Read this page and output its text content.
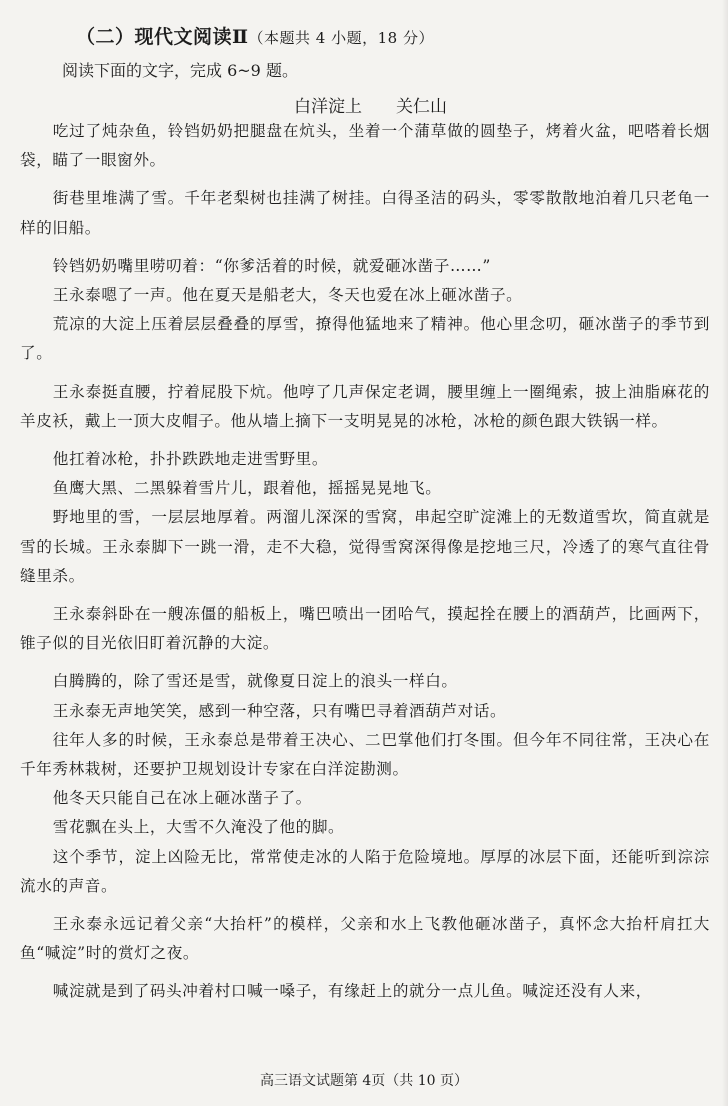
（二）现代文阅读Ⅱ（本题共 4 小题，18 分）
阅读下面的文字，完成 6~9 题。
白洋淀上 关仁山

吃过了炖杂鱼，铃铛奶奶把腿盘在炕头，坐着一个蒲草做的圆垫子，烤着火盆，吧嗒着长烟袋，瞄了一眼窗外。

街巷里堆满了雪。千年老梨树也挂满了树挂。白得圣洁的码头，零零散散地泊着几只老龟一样的旧船。

铃铛奶奶嘴里唠叨着：“你爹活着的时候，就爱砸冰凿子……”

王永泰嗯了一声。他在夏天是船老大，冬天也爱在冰上砸冰凿子。

荒凉的大淀上压着层层叠叠的厚雪，撩得他猛地来了精神。他心里念叨，砸冰凿子的季节到了。

王永泰挺直腰，拧着屁股下炕。他哼了几声保定老调，腰里缠上一圈绳索，披上油脂麻花的羊皮袄，戴上一顶大皮帽子。他从墙上摘下一支明晃晃的冰枪，冰枪的颜色跟大铁锅一样。

他扛着冰枪，扑扑跌跌地走进雪野里。

鱼鹰大黑、二黑躲着雪片儿，跟着他，摇摇晃晃地飞。

野地里的雪，一层层地厚着。两溜儿深深的雪窝，串起空旷淀滩上的无数道雪坎，简直就是雪的长城。王永泰脚下一跳一滑，走不大稳，觉得雪窝深得像是挖地三尺，冷透了的寒气直往骨缝里杀。

王永泰斜卧在一艘冻僵的船板上，嘴巴喷出一团哈气，摸起拴在腰上的酒葫芦，比画两下，锥子似的目光依旧盯着沉静的大淀。

白腾腾的，除了雪还是雪，就像夏日淀上的浪头一样白。

王永泰无声地笑笑，感到一种空落，只有嘴巴寻着酒葫芦对话。

往年人多的时候，王永泰总是带着王决心、二巴掌他们打冬围。但今年不同往常，王决心在千年秀林栽树，还要护卫规划设计专家在白洋淀勘测。

他冬天只能自己在冰上砸冰凿子了。

雪花飘在头上，大雪不久淹没了他的脚。

这个季节，淀上凶险无比，常常使走冰的人陷于危险境地。厚厚的冰层下面，还能听到淙淙流水的声音。

王永泰永远记着父亲“大抬杆”的模样，父亲和水上飞教他砸冰凿子，真怀念大抬杆肩扛大鱼“喊淀”时的赏灯之夜。

喊淀就是到了码头冲着村口喊一嗓子，有缘赶上的就分一点儿鱼。喊淀还没有人来，

高三语文试题第 4页（共 10 页）
